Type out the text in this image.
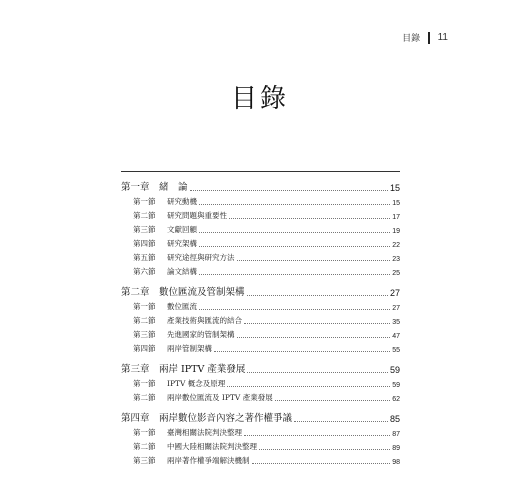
目錄 11
目錄
第一章 緒　論	15
第一節	研究動機	15
第二節	研究問題與重要性	17
第三節	文獻回顧	19
第四節	研究架構	22
第五節	研究途徑與研究方法	23
第六節	論文結構	25
第二章 數位匯流及管制架構	27
第一節	數位匯流	27
第二節	產業技術與匯流的結合	35
第三節	先進國家的管制架構	47
第四節	兩岸管制架構	55
第三章 兩岸 IPTV 產業發展	59
第一節	IPTV 概念及原理	59
第二節	兩岸數位匯流及 IPTV 產業發展	62
第四章 兩岸數位影音內容之著作權爭議	85
第一節	臺灣相關法院判決整理	87
第二節	中國大陸相關法院判決整理	89
第三節	兩岸著作權爭端解決機制	98
